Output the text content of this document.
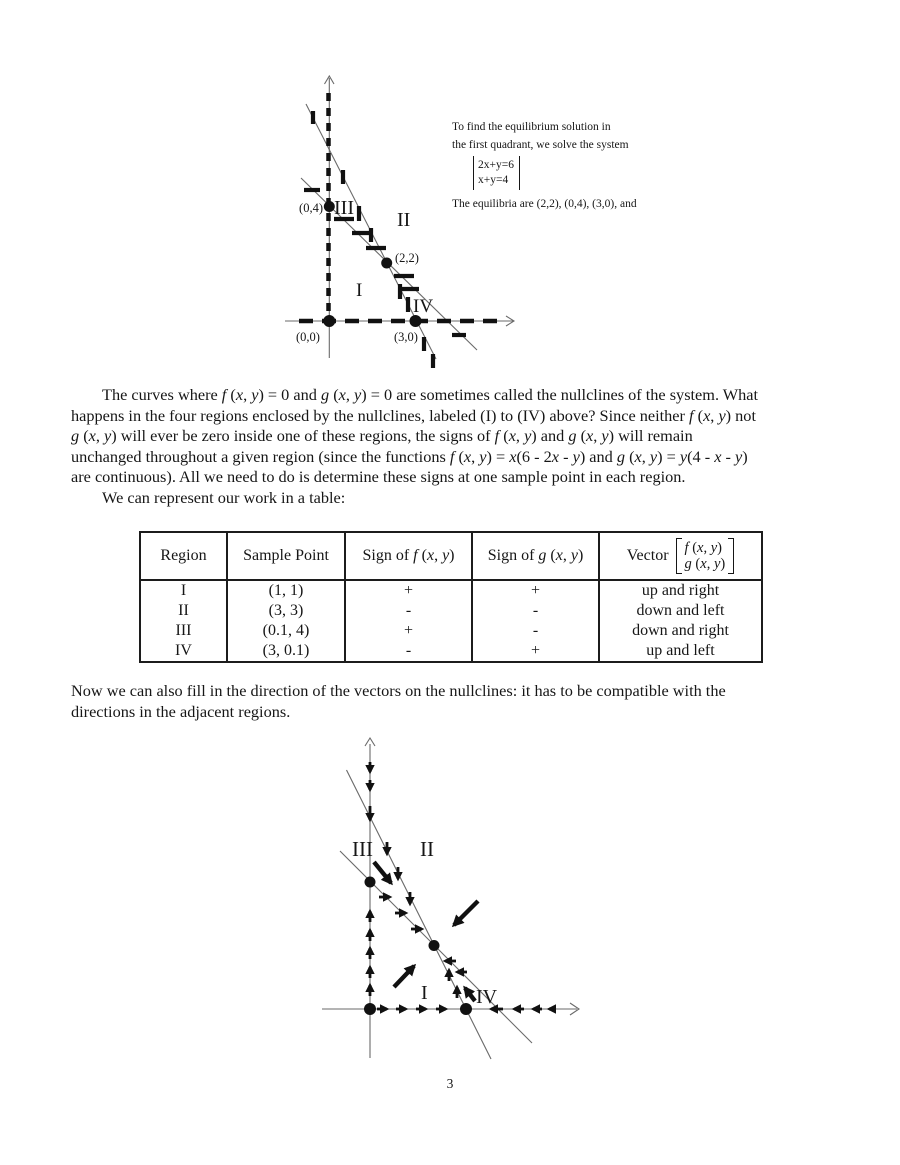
(0,4) III
II
(2,2)
I
IV
(0,0)	(3,0)
To find the equilibrium solution in
the first quadrant, we solve the system
2x+y=6
x+y=4
The equilibria are (2,2), (0,4), (3,0), and
The curves where f (x, y) = 0 and g (x, y) = 0 are sometimes called the nullclines of the system. What
happens in the four regions enclosed by the nullclines, labeled (I) to (IV) above? Since neither f (x, y) not
g (x, y) will ever be zero inside one of these regions, the signs of f (x, y) and g (x, y) will remain
unchanged throughout a given region (since the functions f (x, y) = x(6 - 2x - y) and g (x, y) = y(4 - x - y)
are continuous). All we need to do is determine these signs at one sample point in each region.
We can represent our work in a table:
Region	Sample Point	Sign of f (x, y)	Sign of g (x, y)	Vector f (x, y)
g (x, y)

I	(1, 1)	+	+	up and right
II	(3, 3)	-	-	down and left
III	(0.1, 4)	+	-	down and right
IV	(3, 0.1)	-	+	up and left
Now we can also fill in the direction of the vectors on the nullclines: it has to be compatible with the
directions in the adjacent regions.
III II
I IV
3
